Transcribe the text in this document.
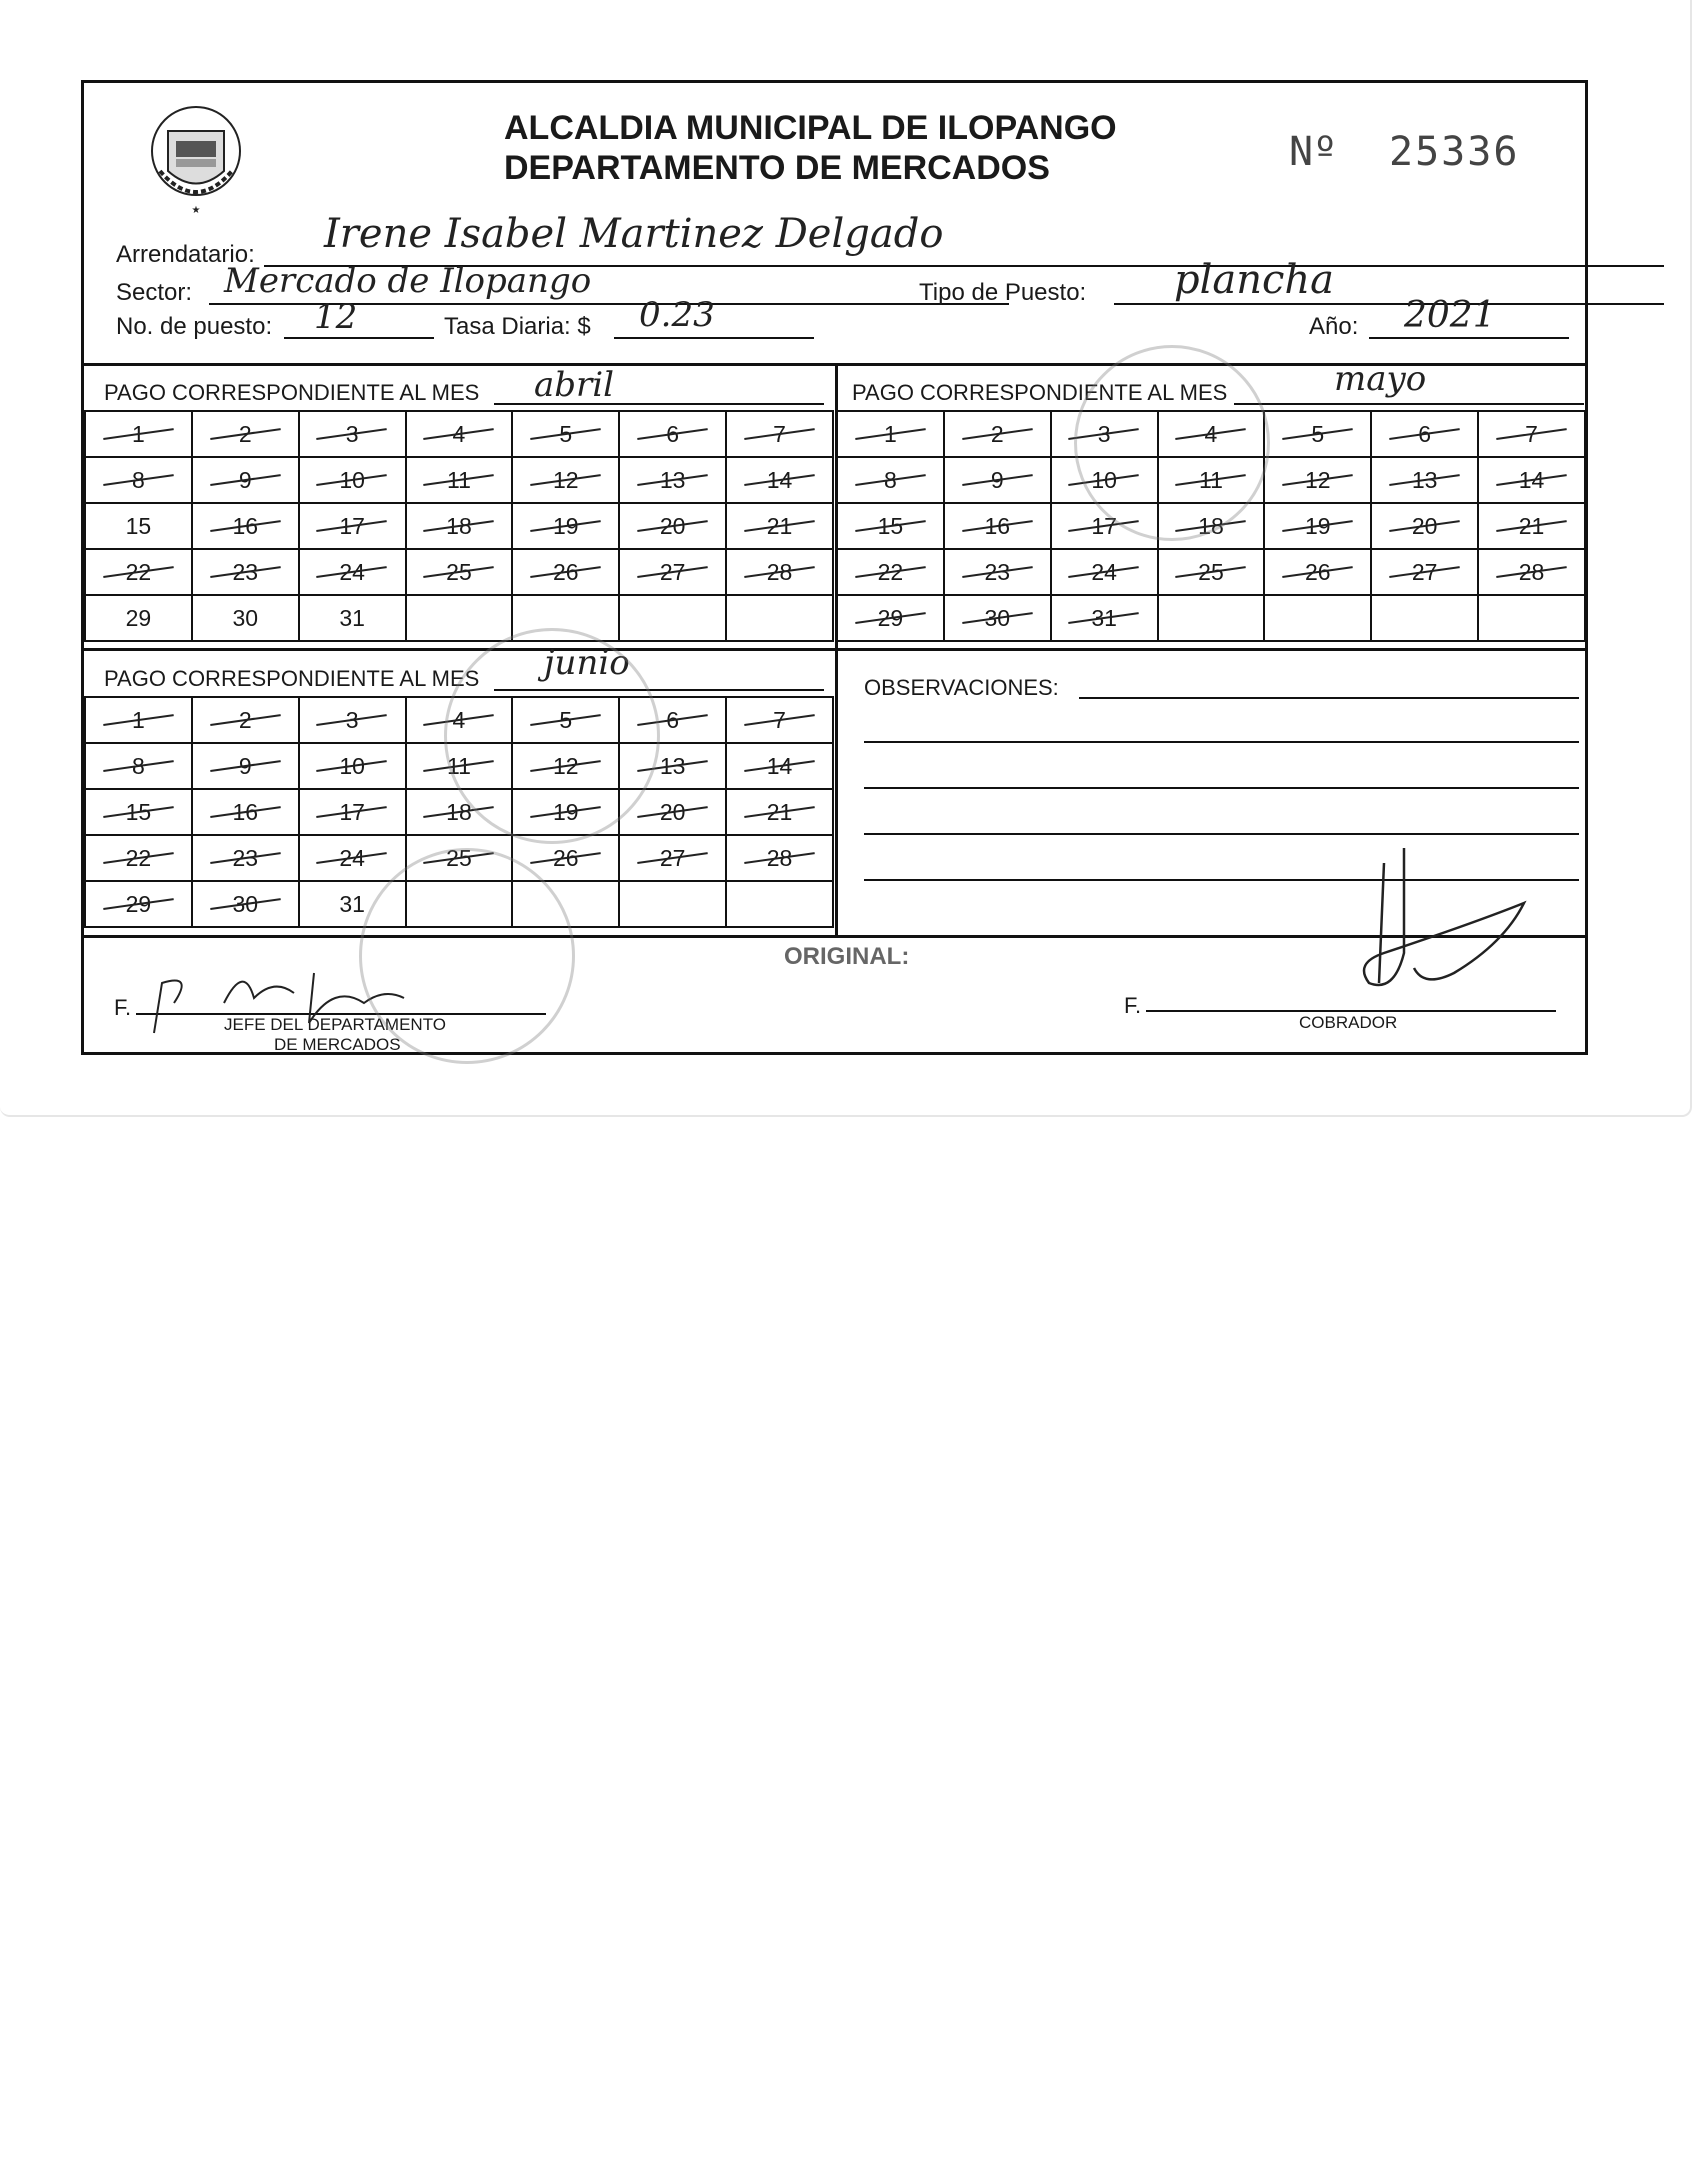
★
ALCALDIA MUNICIPAL DE ILOPANGO
DEPARTAMENTO DE MERCADOS	Nº 25336
Arrendatario: Irene Isabel Martinez Delgado
Sector: Mercado de Ilopango	Tipo de Puesto: plancha
No. de puesto: 12	Tasa Diaria: $ 0.23	Año: 2021
PAGO CORRESPONDIENTE AL MES abril
1	2	3	4	5	6	7

8	9	10	11	12	13	14

15	16	17	18	19	20	21

22	23	24	25	26	27	28

29	30	31				
PAGO CORRESPONDIENTE AL MES	mayo
1	2	3	4	5	6	7

8	9	10	11	12	13	14

15	16	17	18	19	20	21

22	23	24	25	26	27	28

29	30	31

PAGO CORRESPONDIENTE AL MES junio
1	2	3	4	5	6	7

8	9	10	11	12	13	14

15	16	17	18	19	20	21

22	23	24	25	26	27	28

29	30	31				
OBSERVACIONES:
ORIGINAL:
F.
JEFE DEL DEPARTAMENTO
DE MERCADOS
F.
COBRADOR
